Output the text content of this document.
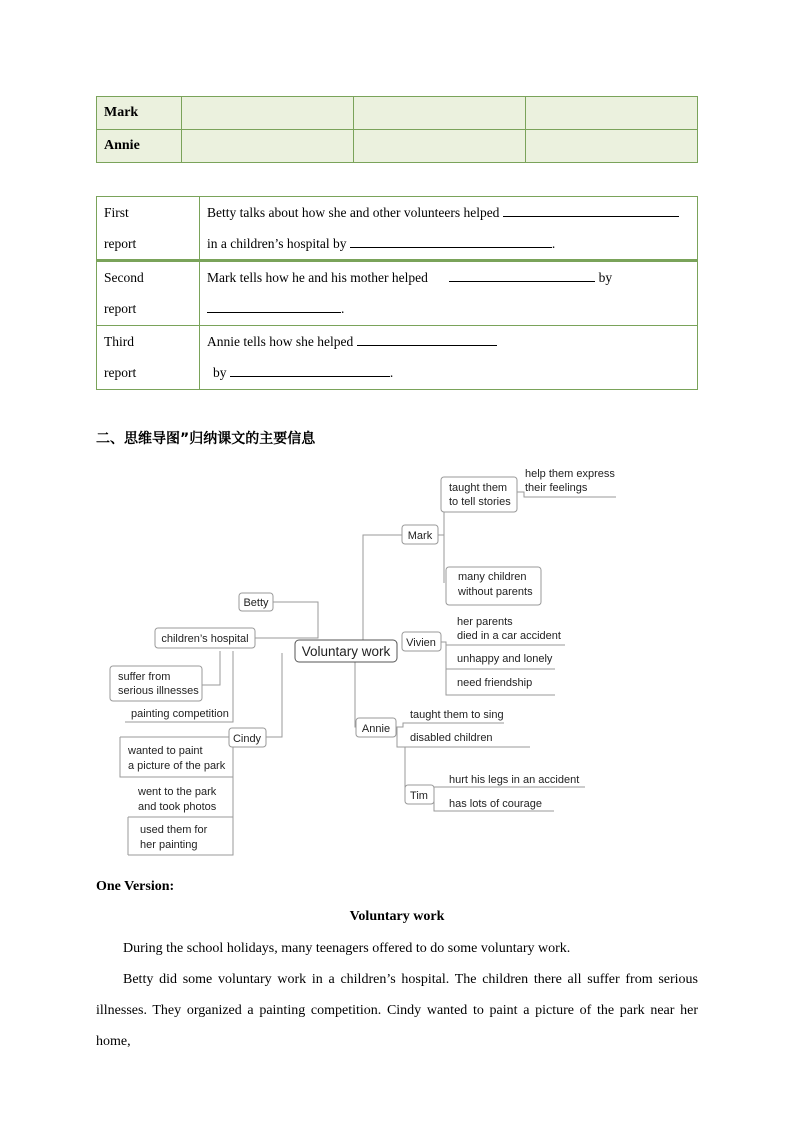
Mark			
Annie			
First
report	Betty talks about how she and other volunteers helped
in a children’s hospital by .
Second
report	Mark tells how he and his mother helped by
.
Third
report	Annie tells how she helped
by .
二、思维导图”归纳课文的主要信息
Voluntary work
Mark
taught them
to tell stories
help them express
their feelings
many children
without parents
Vivien
her parents
died in a car accident
unhappy and lonely
need friendship
Annie
taught them to sing
disabled children
Tim
hurt his legs in an accident
has lots of courage
Betty
children’s hospital
suffer from
serious illnesses
painting competition
Cindy
wanted to paint
a picture of the park
went to the park
and took photos
used them for
her painting
One Version:
Voluntary work
During the school holidays, many teenagers offered to do some voluntary work.
Betty did some voluntary work in a children’s hospital. The children there all suffer from serious illnesses. They organized a painting competition. Cindy wanted to paint a picture of the park near her home,
